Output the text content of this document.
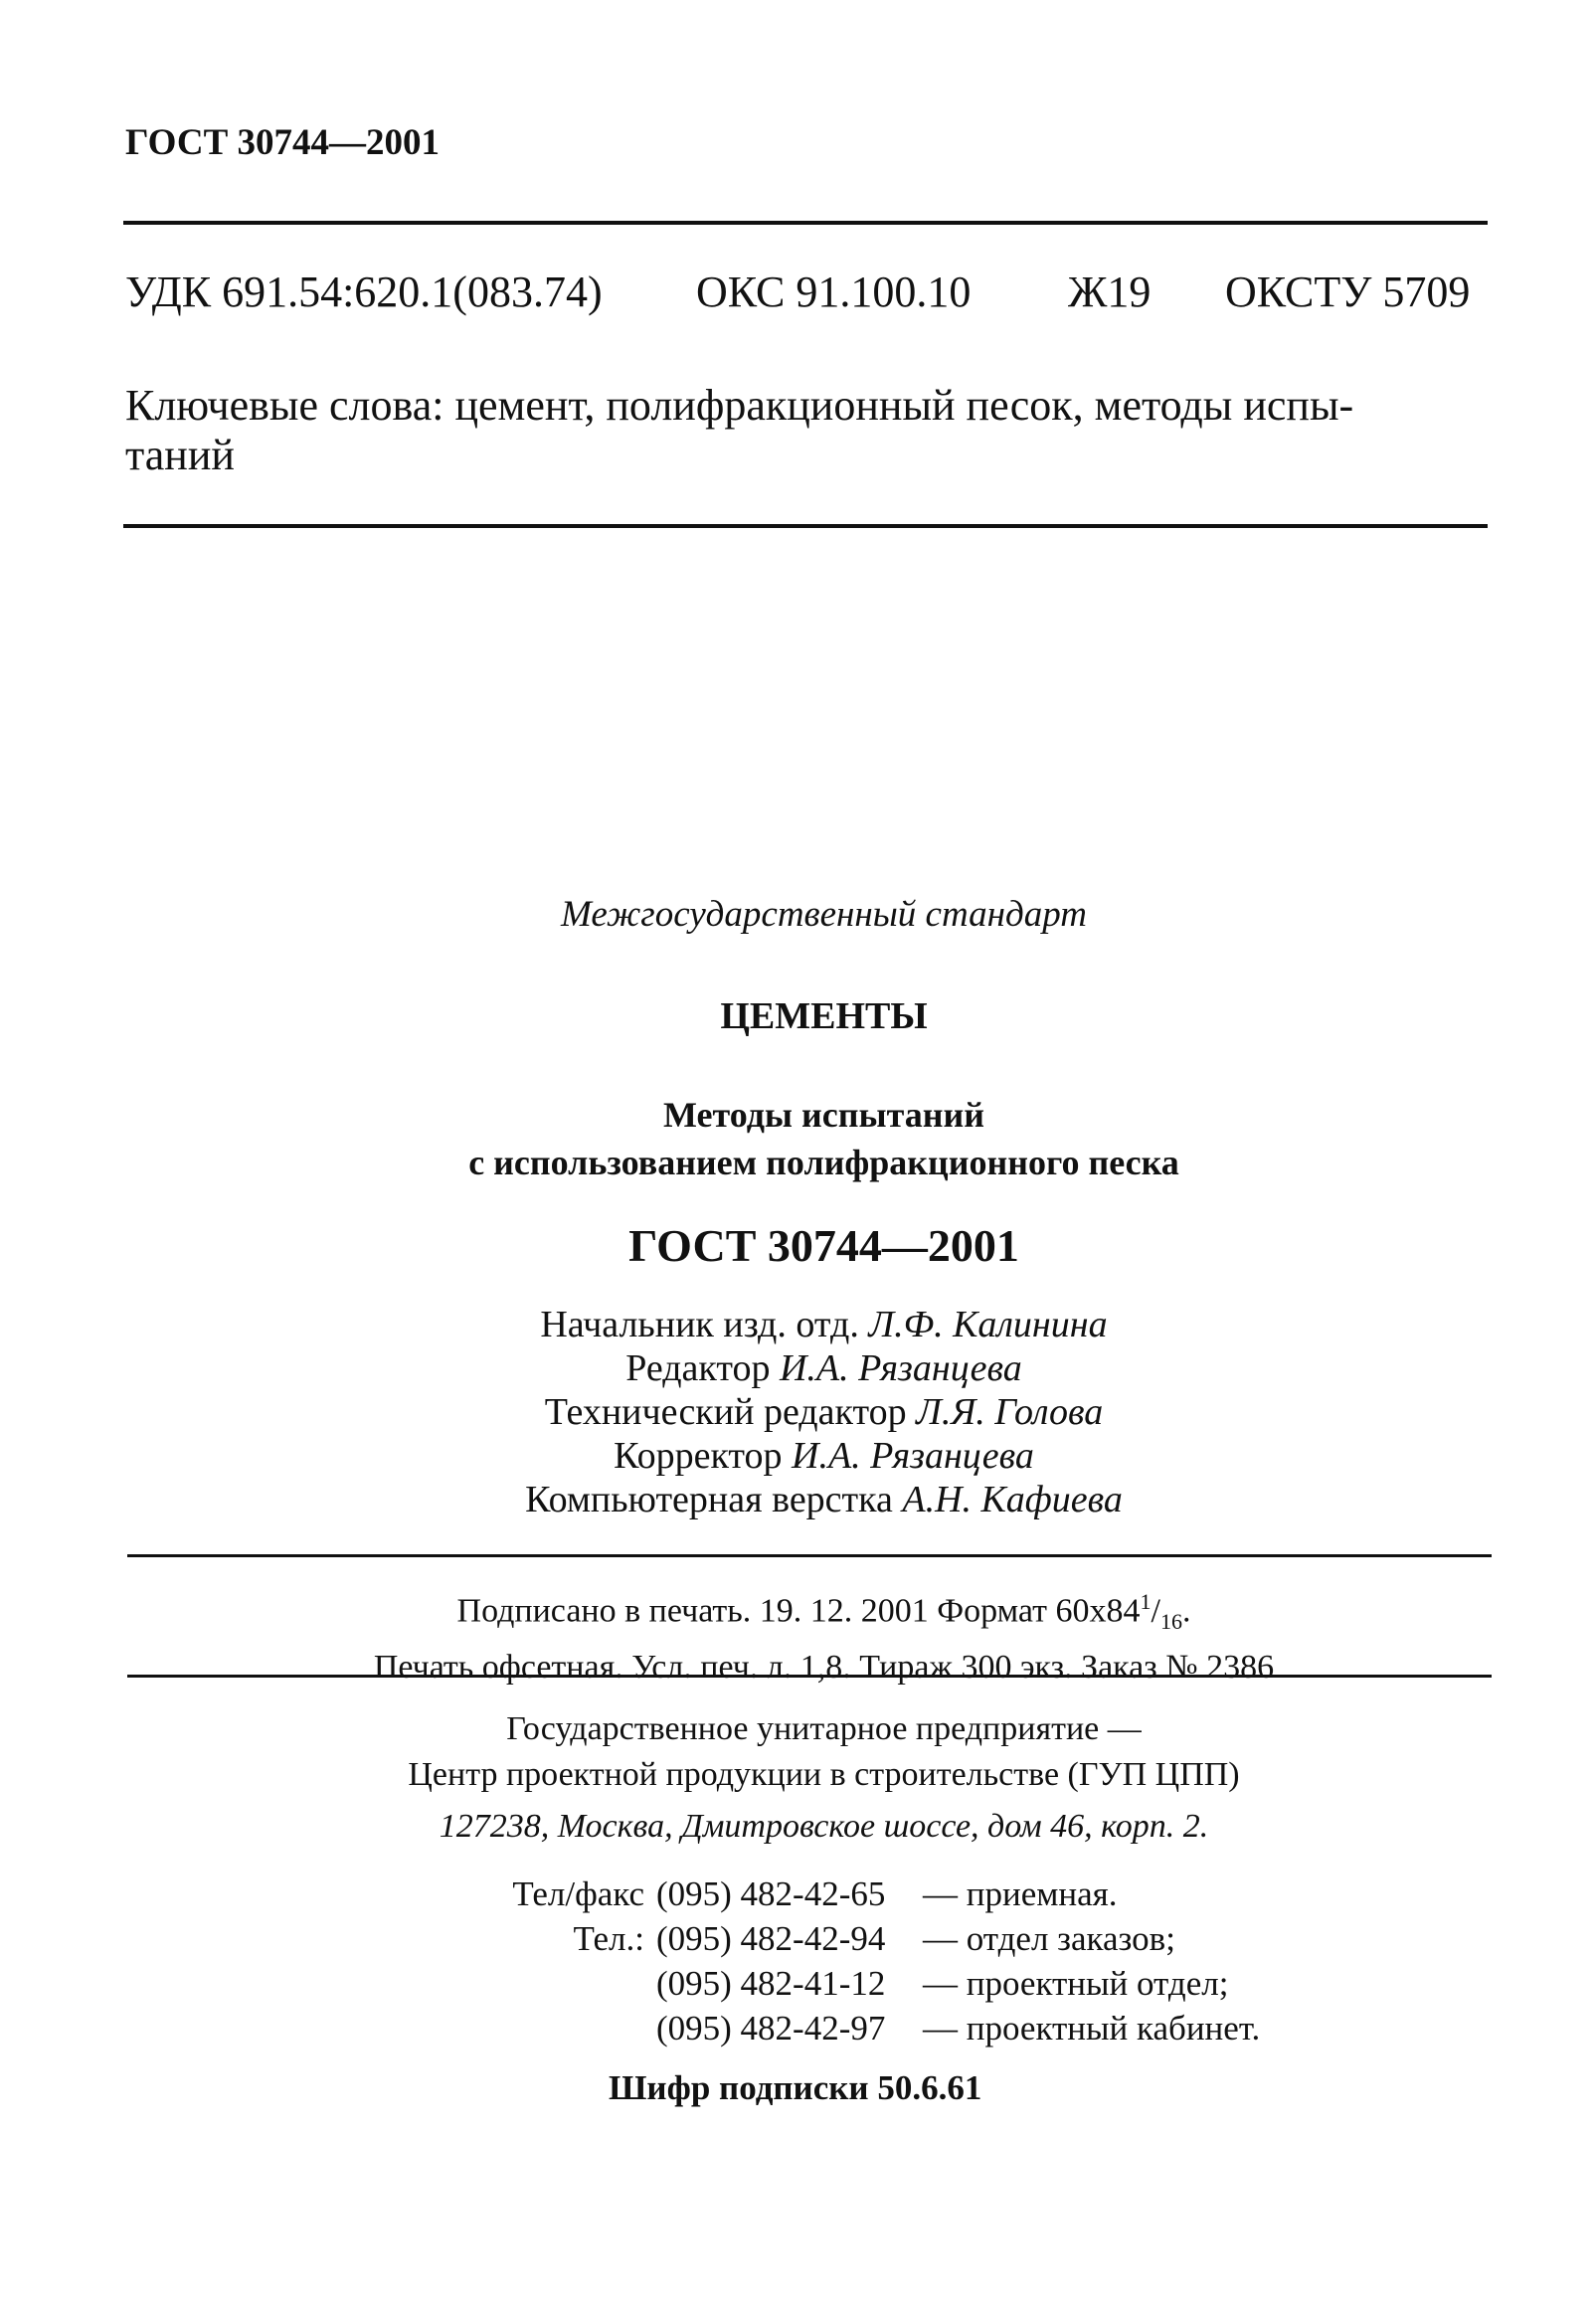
ГОСТ 30744—2001
УДК 691.54:620.1(083.74) ОКС 91.100.10 Ж19 ОКСТУ 5709
Ключевые слова: цемент, полифракционный песок, методы испы-
таний
Межгосударственный стандарт
ЦЕМЕНТЫ
Методы испытаний
с использованием полифракционного песка
ГОСТ 30744—2001
Начальник изд. отд. Л.Ф. Калинина
Редактор И.А. Рязанцева
Технический редактор Л.Я. Голова
Корректор И.А. Рязанцева
Компьютерная верстка А.Н. Кафиева
Подписано в печать. 19. 12. 2001 Формат $60х84^1/_{16}$.
Печать офсетная. Усл. печ. л. 1,8. Тираж 300 экз. Заказ № 2386
Государственное унитарное предприятие —
Центр проектной продукции в строительстве (ГУП ЦПП)
127238, Москва, Дмитровское шоссе, дом 46, корп. 2.
Тел/факс (095) 482-42-65	— приемная.
Тел.: (095) 482-42-94	— отдел заказов;
(095) 482-41-12	— проектный отдел;
(095) 482-42-97	— проектный кабинет.
Шифр подписки 50.6.61
